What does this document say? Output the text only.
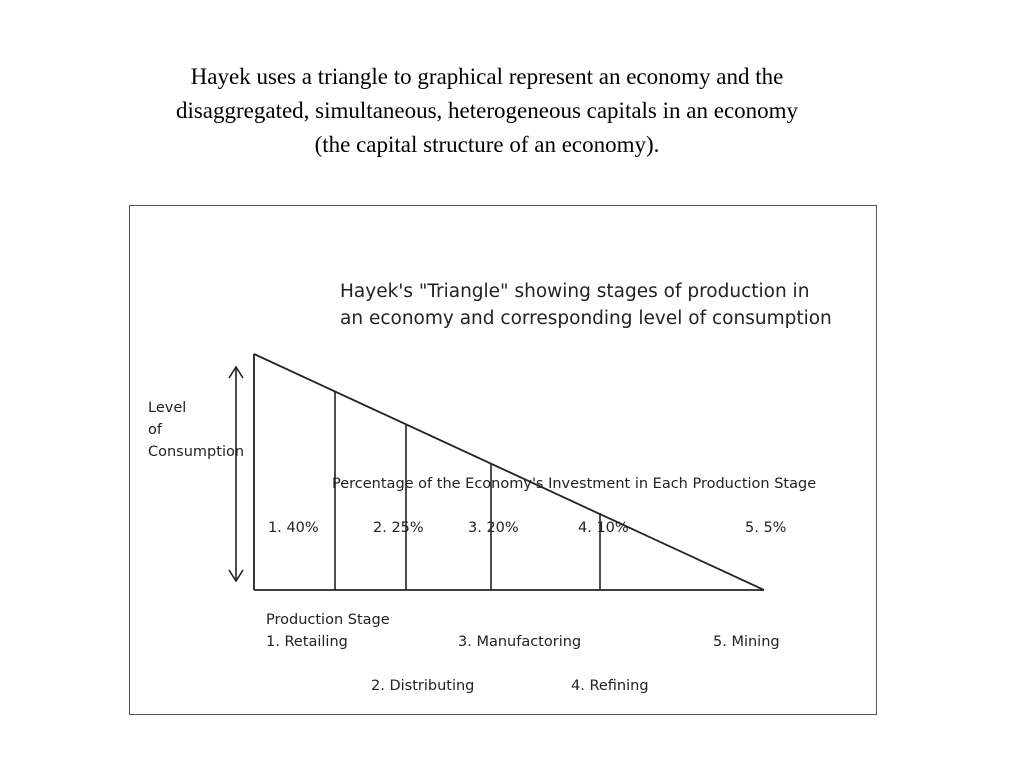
Hayek uses a triangle to graphical represent an economy and the
disaggregated, simultaneous, heterogeneous capitals in an economy
(the capital structure of an economy).
Hayek's "Triangle" showing stages of production in
an economy and corresponding level of consumption
Level
of
Consumption
Percentage of the Economy's Investment in Each Production Stage
1. 40%	2. 25%	3. 20%	4. 10%	5. 5%
Production Stage
1. Retailing
2. Distributing
3. Manufactoring
4. Refining
5. Mining
